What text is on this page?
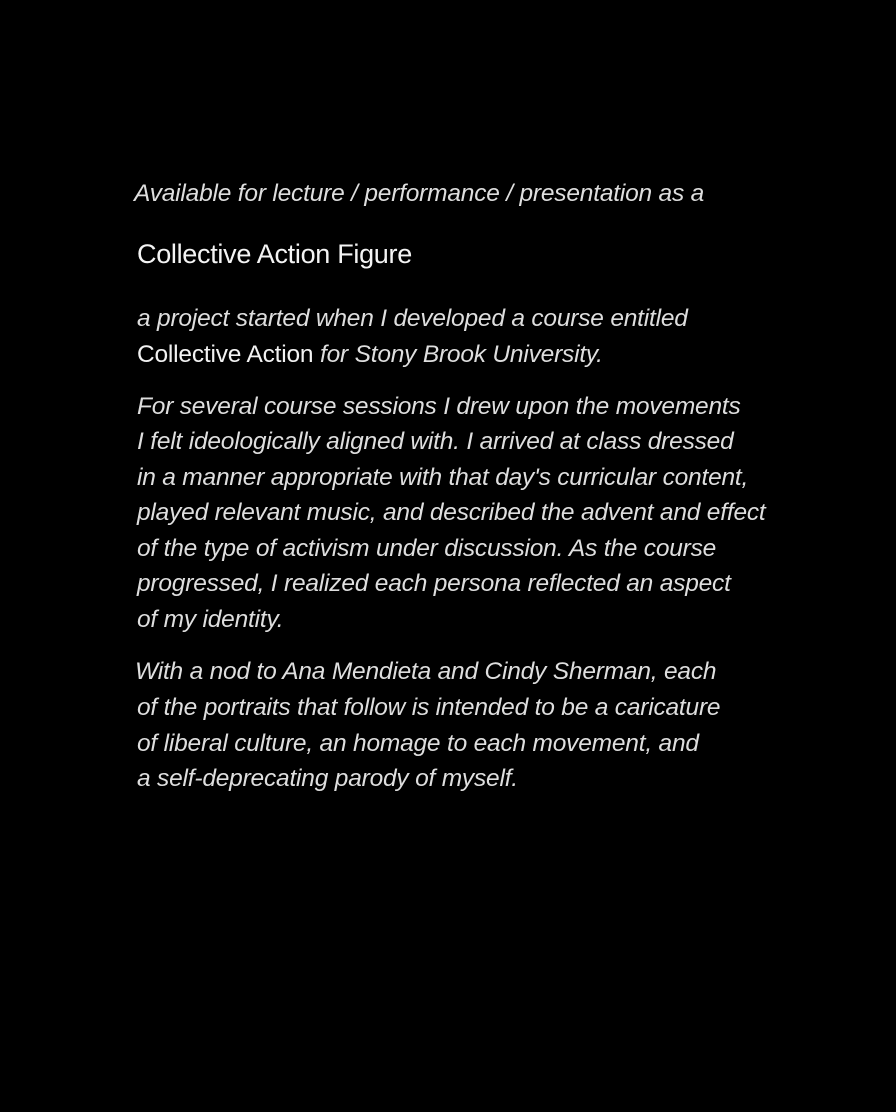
Available for lecture / performance / presentation as a
Collective Action Figure
a project started when I developed a course entitled
Collective Action for Stony Brook University.
For several course sessions I drew upon the movements
I felt ideologically aligned with. I arrived at class dressed
in a manner appropriate with that day's curricular content,
played relevant music, and described the advent and effect
of the type of activism under discussion. As the course
progressed, I realized each persona reflected an aspect
of my identity.
With a nod to Ana Mendieta and Cindy Sherman, each
of the portraits that follow is intended to be a caricature
of liberal culture, an homage to each movement, and
a self-deprecating parody of myself.
